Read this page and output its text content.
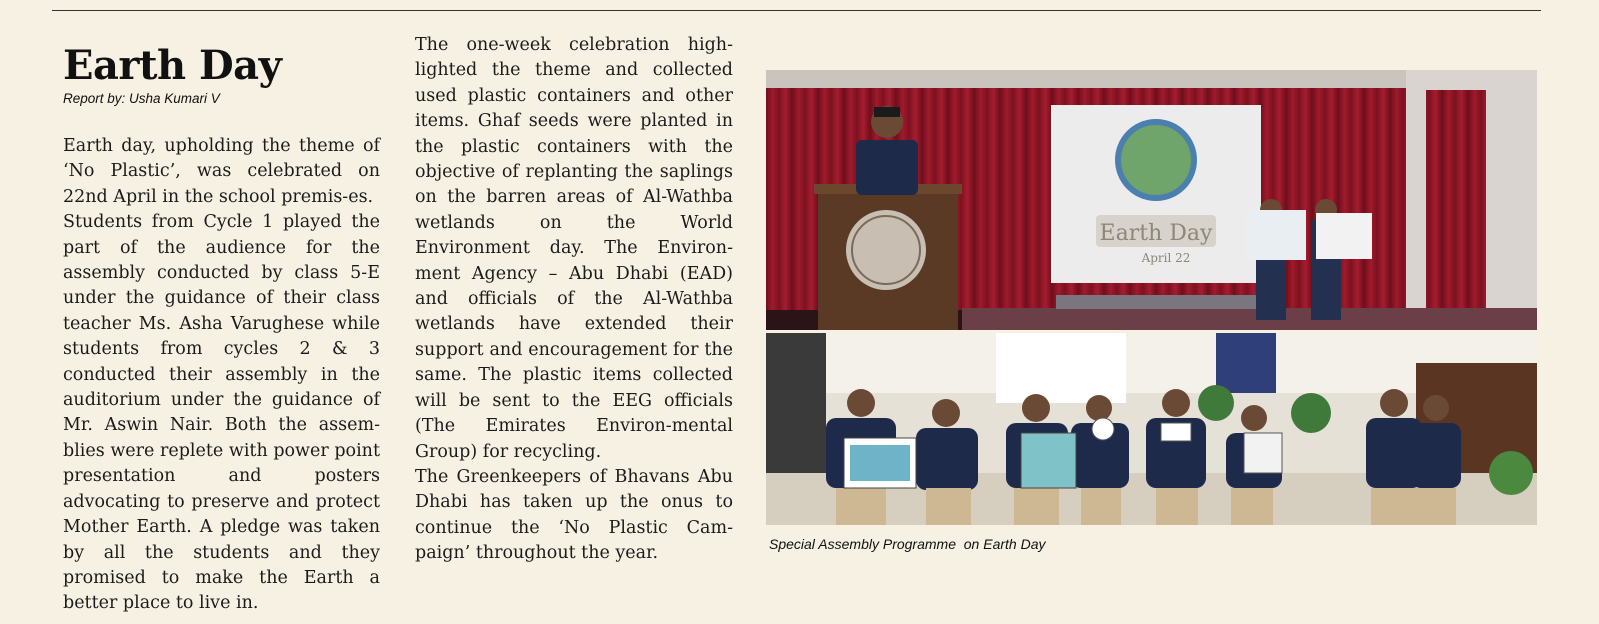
Earth Day
Report by: Usha Kumari V

Earth day, upholding the theme of ‘No Plastic’, was celebrated on 22nd April in the school premis-es.

Students from Cycle 1 played the part of the audience for the assembly conducted by class 5-E under the guidance of their class teacher Ms. Asha Varughese while students from cycles 2 & 3 conducted their assembly in the auditorium under the guidance of Mr. Aswin Nair. Both the assem-blies were replete with power point presentation and posters advocating to preserve and protect Mother Earth. A pledge was taken by all the students and they promised to make the Earth a better place to live in.

The one-week celebration high-lighted the theme and collected used plastic containers and other items. Ghaf seeds were planted in the plastic containers with the objective of replanting the saplings on the barren areas of Al-Wathba wetlands on the World Environment day. The Environ-ment Agency – Abu Dhabi (EAD) and officials of the Al-Wathba wetlands have extended their support and encouragement for the same. The plastic items collected will be sent to the EEG officials (The Emirates Environ-mental Group) for recycling.

The Greenkeepers of Bhavans Abu Dhabi has taken up the onus to continue the ‘No Plastic Cam-paign’ throughout the year.

Earth Day
April 22
Special Assembly Programme  on Earth Day
